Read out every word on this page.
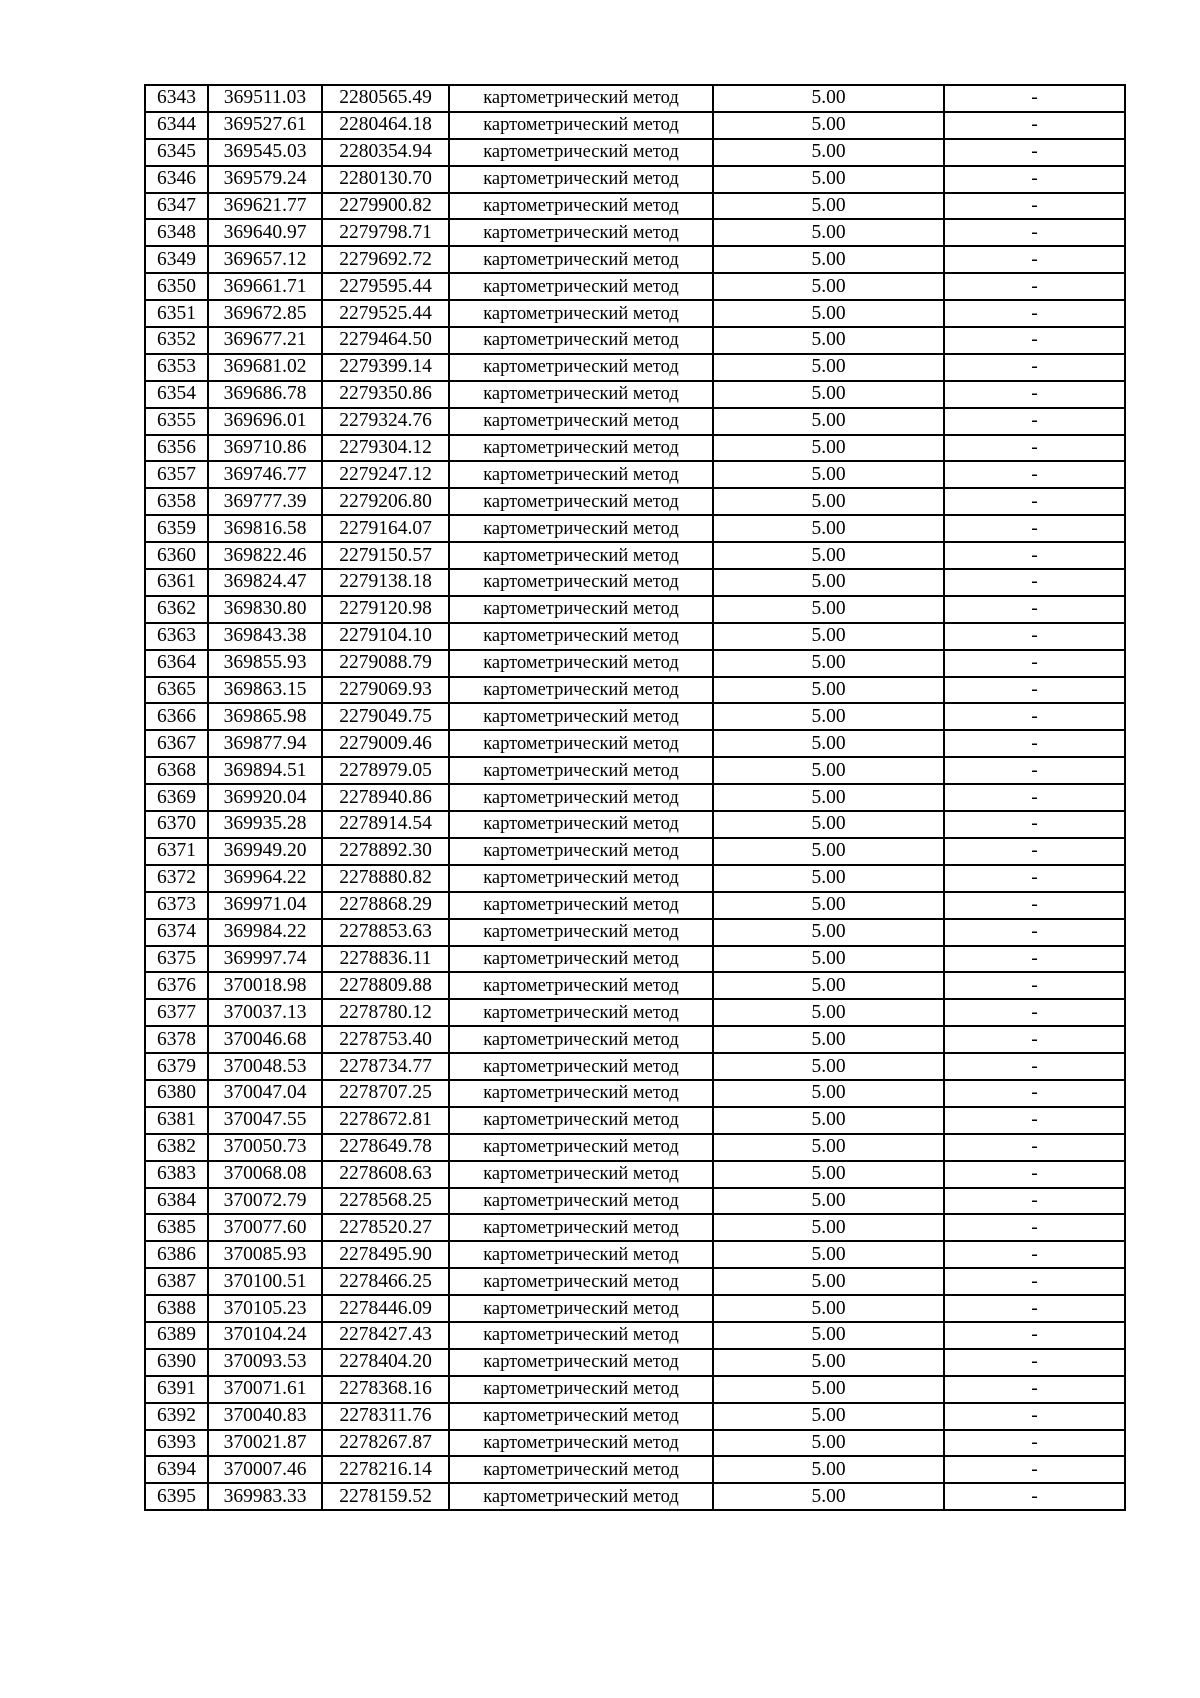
6343	369511.03	2280565.49	картометрический метод	5.00	-
6344	369527.61	2280464.18	картометрический метод	5.00	-
6345	369545.03	2280354.94	картометрический метод	5.00	-
6346	369579.24	2280130.70	картометрический метод	5.00	-
6347	369621.77	2279900.82	картометрический метод	5.00	-
6348	369640.97	2279798.71	картометрический метод	5.00	-
6349	369657.12	2279692.72	картометрический метод	5.00	-
6350	369661.71	2279595.44	картометрический метод	5.00	-
6351	369672.85	2279525.44	картометрический метод	5.00	-
6352	369677.21	2279464.50	картометрический метод	5.00	-
6353	369681.02	2279399.14	картометрический метод	5.00	-
6354	369686.78	2279350.86	картометрический метод	5.00	-
6355	369696.01	2279324.76	картометрический метод	5.00	-
6356	369710.86	2279304.12	картометрический метод	5.00	-
6357	369746.77	2279247.12	картометрический метод	5.00	-
6358	369777.39	2279206.80	картометрический метод	5.00	-
6359	369816.58	2279164.07	картометрический метод	5.00	-
6360	369822.46	2279150.57	картометрический метод	5.00	-
6361	369824.47	2279138.18	картометрический метод	5.00	-
6362	369830.80	2279120.98	картометрический метод	5.00	-
6363	369843.38	2279104.10	картометрический метод	5.00	-
6364	369855.93	2279088.79	картометрический метод	5.00	-
6365	369863.15	2279069.93	картометрический метод	5.00	-
6366	369865.98	2279049.75	картометрический метод	5.00	-
6367	369877.94	2279009.46	картометрический метод	5.00	-
6368	369894.51	2278979.05	картометрический метод	5.00	-
6369	369920.04	2278940.86	картометрический метод	5.00	-
6370	369935.28	2278914.54	картометрический метод	5.00	-
6371	369949.20	2278892.30	картометрический метод	5.00	-
6372	369964.22	2278880.82	картометрический метод	5.00	-
6373	369971.04	2278868.29	картометрический метод	5.00	-
6374	369984.22	2278853.63	картометрический метод	5.00	-
6375	369997.74	2278836.11	картометрический метод	5.00	-
6376	370018.98	2278809.88	картометрический метод	5.00	-
6377	370037.13	2278780.12	картометрический метод	5.00	-
6378	370046.68	2278753.40	картометрический метод	5.00	-
6379	370048.53	2278734.77	картометрический метод	5.00	-
6380	370047.04	2278707.25	картометрический метод	5.00	-
6381	370047.55	2278672.81	картометрический метод	5.00	-
6382	370050.73	2278649.78	картометрический метод	5.00	-
6383	370068.08	2278608.63	картометрический метод	5.00	-
6384	370072.79	2278568.25	картометрический метод	5.00	-
6385	370077.60	2278520.27	картометрический метод	5.00	-
6386	370085.93	2278495.90	картометрический метод	5.00	-
6387	370100.51	2278466.25	картометрический метод	5.00	-
6388	370105.23	2278446.09	картометрический метод	5.00	-
6389	370104.24	2278427.43	картометрический метод	5.00	-
6390	370093.53	2278404.20	картометрический метод	5.00	-
6391	370071.61	2278368.16	картометрический метод	5.00	-
6392	370040.83	2278311.76	картометрический метод	5.00	-
6393	370021.87	2278267.87	картометрический метод	5.00	-
6394	370007.46	2278216.14	картометрический метод	5.00	-
6395	369983.33	2278159.52	картометрический метод	5.00	-
